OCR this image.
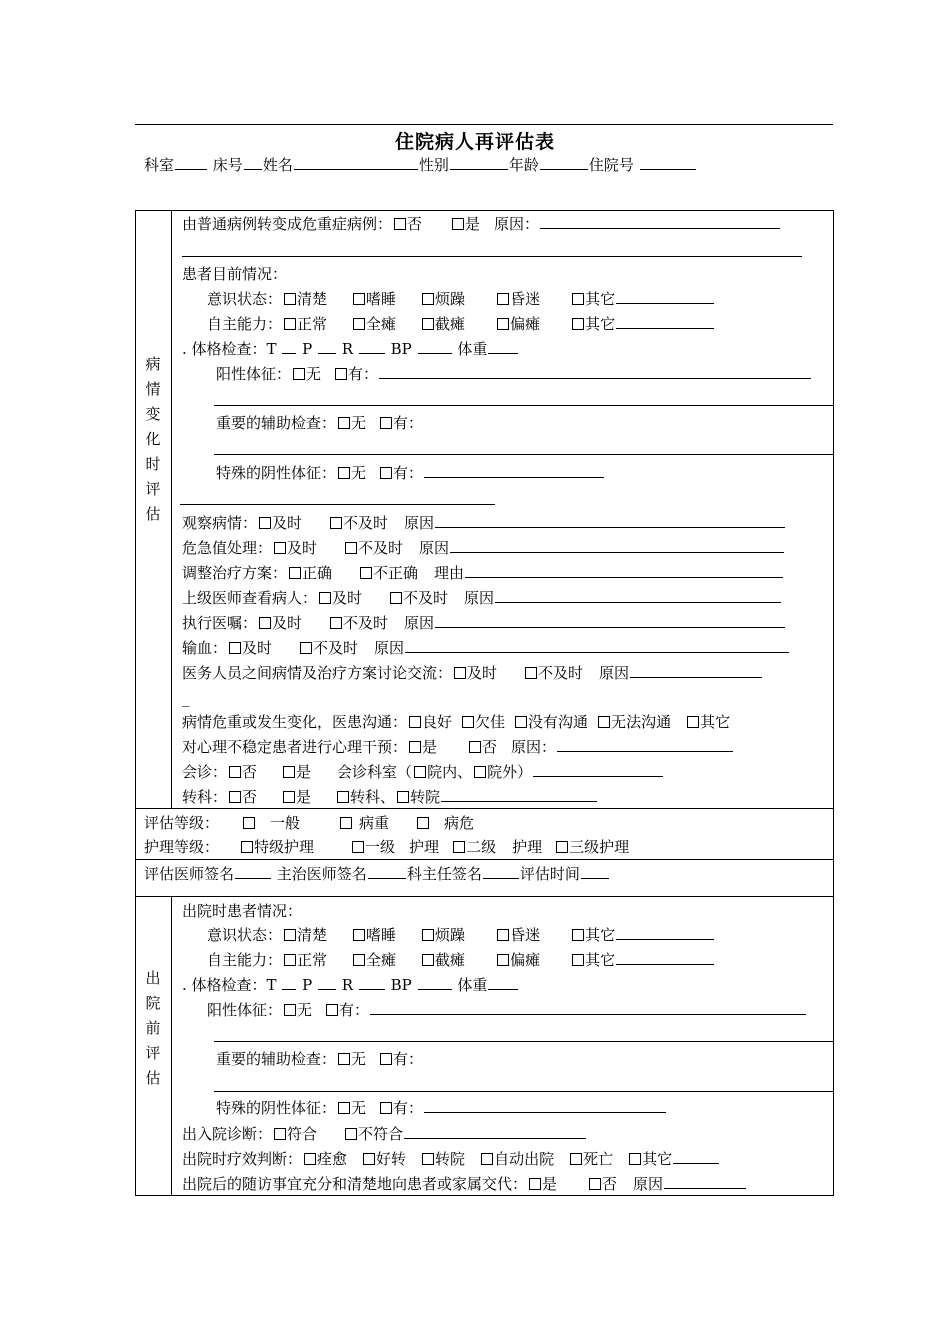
住院病人再评估表
科室	床号 姓名	性别	年龄	住院号
病
情
变
化
时
评
估
由普通病例转变成危重症病例： 否	是 原因：
患者目前情况：
意识状态： 清楚	嗜睡	烦躁	昏迷	其它
自主能力： 正常	全瘫	截瘫	偏瘫	其它
. 体格检查：T P R	BP	体重
阳性体征： 无 有：
重要的辅助检查： 无 有：
特殊的阴性体征： 无 有：
观察病情： 及时	不及时 原因
危急值处理： 及时	不及时 原因
调整治疗方案： 正确	不正确 理由
上级医师查看病人： 及时	不及时 原因
执行医嘱： 及时	不及时 原因
输血： 及时	不及时 原因
医务人员之间病情及治疗方案讨论交流： 及时	不及时 原因
_
病情危重或发生变化，医患沟通： 良好 欠佳 没有沟通 无法沟通 其它
对心理不稳定患者进行心理干预： 是	否 原因：
会诊： 否	是 会诊科室（ 院内、 院外）
转科： 否	是	转科、 转院
评估等级：	一般	病重	病危
护理等级： 特级护理	一级 护理 二级 护理 三级护理
评估医师签名	主治医师签名	科主任签名	评估时间
出
院
前
评
估
出院时患者情况：
意识状态： 清楚	嗜睡	烦躁	昏迷	其它
自主能力： 正常	全瘫	截瘫	偏瘫	其它
. 体格检查：T P R	BP	体重
阳性体征： 无 有：
重要的辅助检查： 无 有：
特殊的阴性体征： 无 有：
出入院诊断： 符合	不符合
出院时疗效判断： 痊愈 好转 转院 自动出院 死亡 其它
出院后的随访事宜充分和清楚地向患者或家属交代： 是	否 原因
